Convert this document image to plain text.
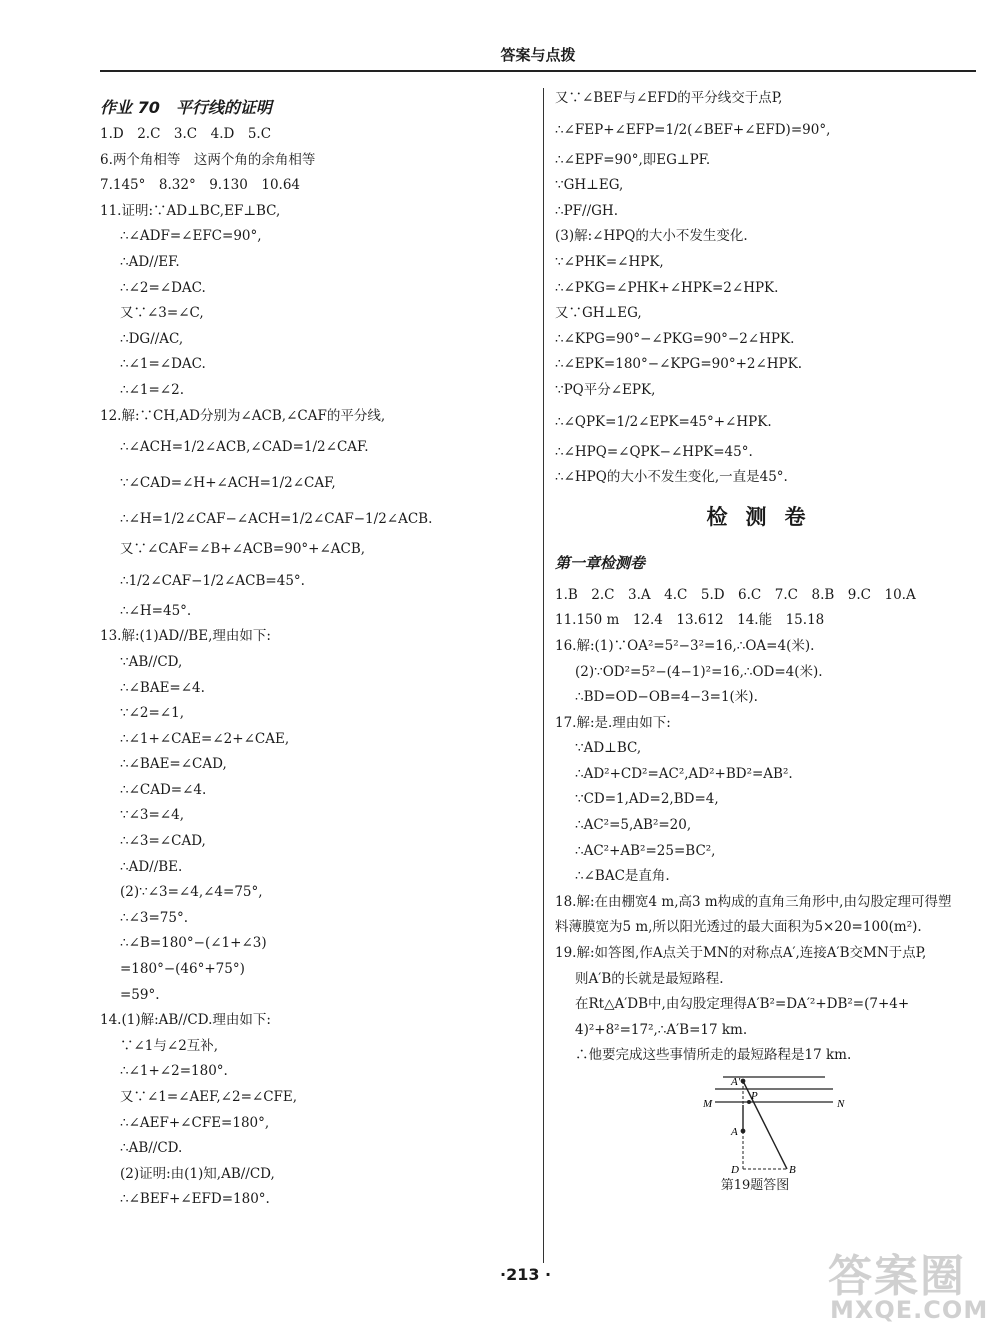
答案与点拨
作业 70　平行线的证明
1.D　2.C　3.C　4.D　5.C
6.两个角相等　这两个角的余角相等
7.145°　8.32°　9.130　10.64
11.证明:∵AD⊥BC,EF⊥BC,
∴∠ADF=∠EFC=90°,
∴AD//EF.
∴∠2=∠DAC.
又∵∠3=∠C,
∴DG//AC,
∴∠1=∠DAC.
∴∠1=∠2.
12.解:∵CH,AD分别为∠ACB,∠CAF的平分线,
∴∠ACH=1/2∠ACB,∠CAD=1/2∠CAF.
∵∠CAD=∠H+∠ACH=1/2∠CAF,
∴∠H=1/2∠CAF−∠ACH=1/2∠CAF−1/2∠ACB.
又∵∠CAF=∠B+∠ACB=90°+∠ACB,
∴1/2∠CAF−1/2∠ACB=45°.
∴∠H=45°.
13.解:(1)AD//BE,理由如下:
∵AB//CD,
∴∠BAE=∠4.
∵∠2=∠1,
∴∠1+∠CAE=∠2+∠CAE,
∴∠BAE=∠CAD,
∴∠CAD=∠4.
∵∠3=∠4,
∴∠3=∠CAD,
∴AD//BE.
(2)∵∠3=∠4,∠4=75°,
∴∠3=75°.
∴∠B=180°−(∠1+∠3)
=180°−(46°+75°)
=59°.
14.(1)解:AB//CD.理由如下:
∵∠1与∠2互补,
∴∠1+∠2=180°.
又∵∠1=∠AEF,∠2=∠CFE,
∴∠AEF+∠CFE=180°,
∴AB//CD.
(2)证明:由(1)知,AB//CD,
∴∠BEF+∠EFD=180°.
又∵∠BEF与∠EFD的平分线交于点P,
∴∠FEP+∠EFP=1/2(∠BEF+∠EFD)=90°,
∴∠EPF=90°,即EG⊥PF.
∵GH⊥EG,
∴PF//GH.
(3)解:∠HPQ的大小不发生变化.
∵∠PHK=∠HPK,
∴∠PKG=∠PHK+∠HPK=2∠HPK.
又∵GH⊥EG,
∴∠KPG=90°−∠PKG=90°−2∠HPK.
∴∠EPK=180°−∠KPG=90°+2∠HPK.
∵PQ平分∠EPK,
∴∠QPK=1/2∠EPK=45°+∠HPK.
∴∠HPQ=∠QPK−∠HPK=45°.
∴∠HPQ的大小不发生变化,一直是45°.
检测卷
第一章检测卷
1.B　2.C　3.A　4.C　5.D　6.C　7.C　8.B　9.C　10.A
11.150 m　12.4　13.612　14.能　15.18
16.解:(1)∵OA²=5²−3²=16,∴OA=4(米).
(2)∵OD²=5²−(4−1)²=16,∴OD=4(米).
∴BD=OD−OB=4−3=1(米).
17.解:是.理由如下:
∵AD⊥BC,
∴AD²+CD²=AC²,AD²+BD²=AB².
∵CD=1,AD=2,BD=4,
∴AC²=5,AB²=20,
∴AC²+AB²=25=BC²,
∴∠BAC是直角.
18.解:在由棚宽4 m,高3 m构成的直角三角形中,由勾股定理可得塑
料薄膜宽为5 m,所以阳光透过的最大面积为5×20=100(m²).
19.解:如答图,作A点关于MN的对称点A′,连接A′B交MN于点P,
则A′B的长就是最短路程.
在Rt△A′DB中,由勾股定理得A′B²=DA′²+DB²=(7+4+
4)²+8²=17²,∴A′B=17 km.
∴他要完成这些事情所走的最短路程是17 km.
A′
P
M	N
A
D	B
第19题答图
·213 ·	答案圈
MXQE.COM
